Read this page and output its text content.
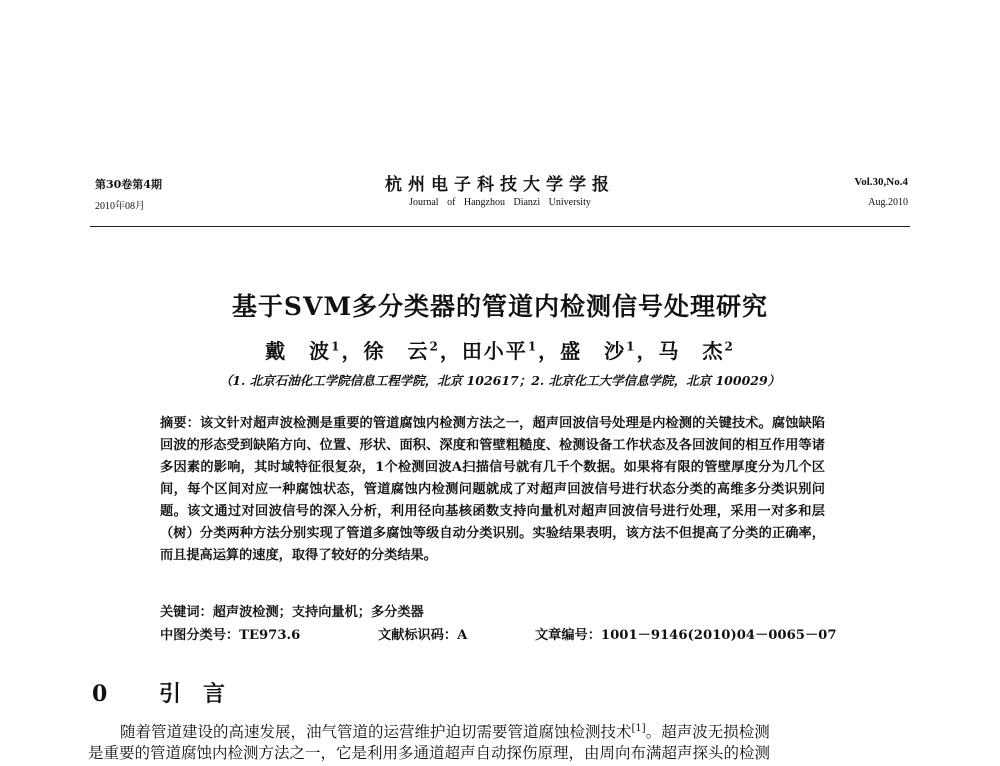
第30卷第4期
2010年08月
杭州电子科技大学学报
Journal of Hangzhou Dianzi University
Vol.30,No.4
Aug.2010
基于SVM多分类器的管道内检测信号处理研究
戴　波$^1$，徐　云$^2$，田小平$^1$，盛　沙$^1$，马　杰$^2$
（1. 北京石油化工学院信息工程学院，北京 102617；2. 北京化工大学信息学院，北京 100029）
摘要：该文针对超声波检测是重要的管道腐蚀内检测方法之一，超声回波信号处理是内检测的关键技术。腐蚀缺陷回波的形态受到缺陷方向、位置、形状、面积、深度和管壁粗糙度、检测设备工作状态及各回波间的相互作用等诸多因素的影响，其时域特征很复杂，1个检测回波A扫描信号就有几千个数据。如果将有限的管壁厚度分为几个区间，每个区间对应一种腐蚀状态，管道腐蚀内检测问题就成了对超声回波信号进行状态分类的高维多分类识别问题。该文通过对回波信号的深入分析，利用径向基核函数支持向量机对超声回波信号进行处理，采用一对多和层（树）分类两种方法分别实现了管道多腐蚀等级自动分类识别。实验结果表明，该方法不但提高了分类的正确率，而且提高运算的速度，取得了较好的分类结果。
关键词：超声波检测；支持向量机；多分类器
中图分类号：TE973.6	文献标识码：A	文章编号：1001－9146(2010)04－0065－07
0 引言
随着管道建设的高速发展，油气管道的运营维护迫切需要管道腐蚀检测技术[1]。超声波无损检测
是重要的管道腐蚀内检测方法之一，它是利用多通道超声自动探伤原理，由周向布满超声探头的检测
